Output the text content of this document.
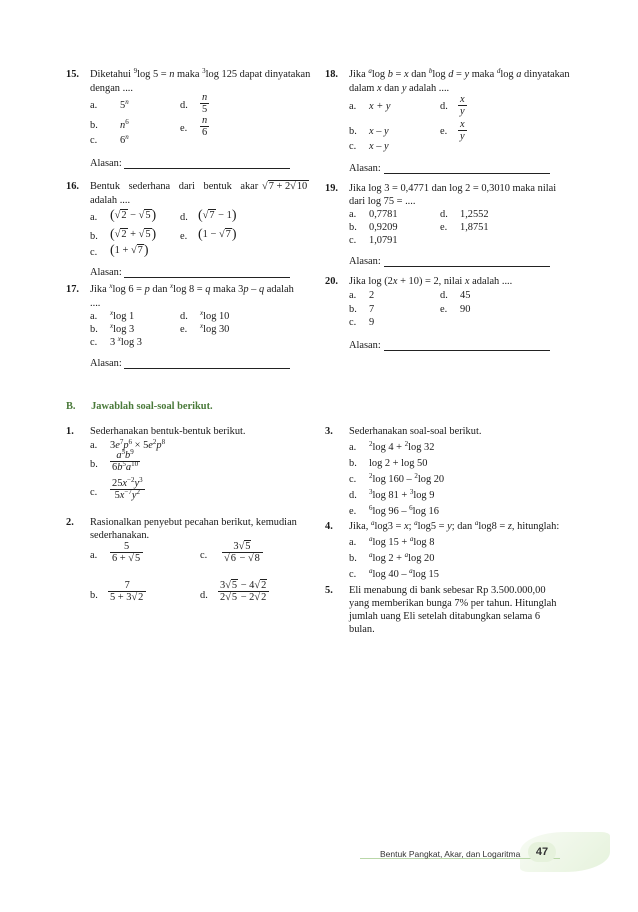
15. Diketahui $^9$log 5 = n maka $^3$log 125 dapat dinyatakan
dengan ....
a. 5$^n$
b. $n^6$
c. 6$^n$
d. $\frac{n}{5}$
e. $\frac{n}{6}$
Alasan:
16. Bentuk sederhana dari bentuk akar √7 + 2√10
adalah ....
a. (√2 − √5)
b. (√2 + √5)
c. (1 + √7)
d. (√7 − 1)
e. (1 − √7)
Alasan:
17. Jika $^x$log 6 = p dan $^x$log 8 = q maka 3p – q adalah
....
a. $^x$log 1
b. $^x$log 3
c. 3 $^x$log 3
d. $^x$log 10
e. $^x$log 30
Alasan:
18. Jika $^a$log b = x dan $^b$log d = y maka $^d$log a dinyatakan
dalam x dan y adalah ....
a. x + y
b. x – y
c. x – y
d. $\frac{x}{y}$
e. $\frac{x}{y}$
Alasan:
19. Jika log 3 = 0,4771 dan log 2 = 0,3010 maka nilai
dari log 75 = ....
a. 0,7781
b. 0,9209
c. 1,0791
d. 1,2552
e. 1,8751
Alasan:
20. Jika log (2x + 10) = 2, nilai x adalah ....
a. 2
b. 7
c. 9
d. 45
e. 90
Alasan:
B.      Jawablah soal-soal berikut.
1. Sederhanakan bentuk-bentuk berikut.
a. $3e^7p^6 \times 5e^2p^8$
b. $\frac{a^5b^9}{6b^5a^{10}}$
c. $\frac{25x^{-2}y^3}{5x^{-7}y^2}$
2. Rasionalkan penyebut pecahan berikut, kemudian
sederhanakan.
a. $\frac{5}{6 + √5}$
b. $\frac{7}{5 + 3√2}$
c. $\frac{3√5}{√6 - √8}$
d. $\frac{3√5 - 4√2}{2√5 - 2√2}$
3. Sederhanakan soal-soal berikut.
a. $^2$log 4 + $^2$log 32
b. log 2 + log 50
c. $^2$log 160 – $^2$log 20
d. $^3$log 81 + $^3$log 9
e. $^6$log 96 – $^6$log 16
4. Jika, $^a$log3 = x; $^a$log5 = y; dan $^a$log8 = z, hitunglah:
a. $^a$log 15 + $^a$log 8
b. $^a$log 2 + $^a$log 20
c. $^a$log 40 – $^a$log 15
5. Eli menabung di bank sebesar Rp 3.500.000,00
yang memberikan bunga 7% per tahun. Hitunglah
jumlah uang Eli setelah ditabungkan selama 6
bulan.
Bentuk Pangkat, Akar, dan Logaritma	47
